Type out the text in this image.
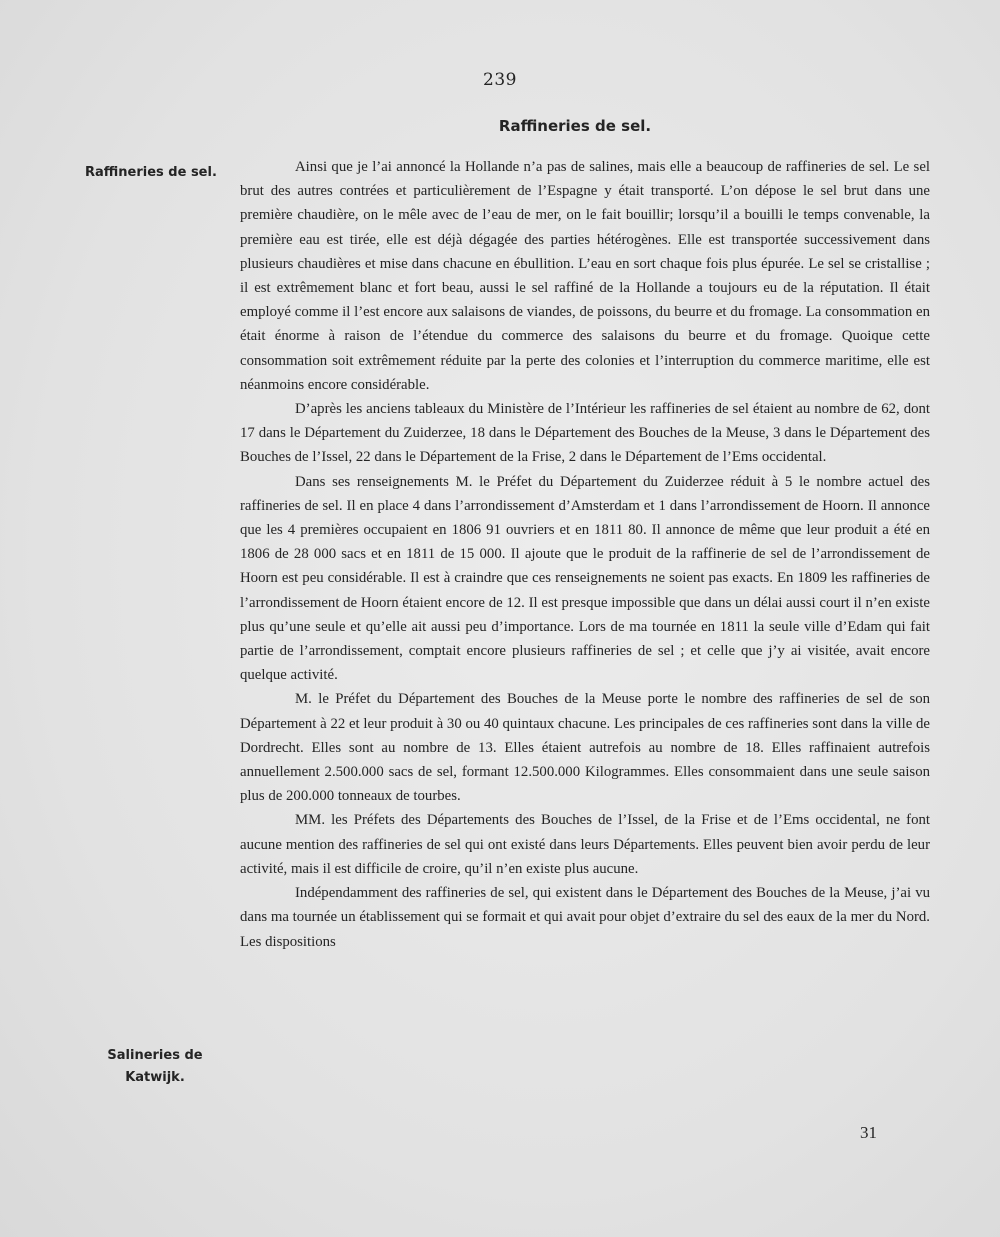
239
Raffineries de sel.
Raffineries de sel.
Salineries de Katwijk.

Ainsi que je l’ai annoncé la Hollande n’a pas de salines, mais elle a beaucoup de raffineries de sel. Le sel brut des autres contrées et particulièrement de l’Espagne y était transporté. L’on dépose le sel brut dans une première chaudière, on le mêle avec de l’eau de mer, on le fait bouillir; lorsqu’il a bouilli le temps convenable, la première eau est tirée, elle est déjà dégagée des parties hétérogènes. Elle est transportée successivement dans plusieurs chaudières et mise dans chacune en ébullition. L’eau en sort chaque fois plus épurée. Le sel se cristallise ; il est extrêmement blanc et fort beau, aussi le sel raffiné de la Hollande a toujours eu de la réputation. Il était employé comme il l’est encore aux salaisons de viandes, de poissons, du beurre et du fromage. La consommation en était énorme à raison de l’étendue du commerce des salaisons du beurre et du fromage. Quoique cette consommation soit extrêmement réduite par la perte des colonies et l’interruption du commerce maritime, elle est néanmoins encore considérable.

D’après les anciens tableaux du Ministère de l’Intérieur les raffineries de sel étaient au nombre de 62, dont 17 dans le Département du Zuiderzee, 18 dans le Département des Bouches de la Meuse, 3 dans le Département des Bouches de l’Issel, 22 dans le Département de la Frise, 2 dans le Département de l’Ems occidental.

Dans ses renseignements M. le Préfet du Département du Zuiderzee réduit à 5 le nombre actuel des raffineries de sel. Il en place 4 dans l’arrondissement d’Amsterdam et 1 dans l’arrondissement de Hoorn. Il annonce que les 4 premières occupaient en 1806 91 ouvriers et en 1811 80. Il annonce de même que leur produit a été en 1806 de 28 000 sacs et en 1811 de 15 000. Il ajoute que le produit de la raffinerie de sel de l’arrondissement de Hoorn est peu considérable. Il est à craindre que ces renseignements ne soient pas exacts. En 1809 les raffineries de l’arrondissement de Hoorn étaient encore de 12. Il est presque impossible que dans un délai aussi court il n’en existe plus qu’une seule et qu’elle ait aussi peu d’importance. Lors de ma tournée en 1811 la seule ville d’Edam qui fait partie de l’arrondissement, comptait encore plusieurs raffineries de sel ; et celle que j’y ai visitée, avait encore quelque activité.

M. le Préfet du Département des Bouches de la Meuse porte le nombre des raffineries de sel de son Département à 22 et leur produit à 30 ou 40 quintaux chacune. Les principales de ces raffineries sont dans la ville de Dordrecht. Elles sont au nombre de 13. Elles étaient autrefois au nombre de 18. Elles raffinaient autrefois annuellement 2.500.000 sacs de sel, formant 12.500.000 Kilogrammes. Elles consommaient dans une seule saison plus de 200.000 tonneaux de tourbes.

MM. les Préfets des Départements des Bouches de l’Issel, de la Frise et de l’Ems occidental, ne font aucune mention des raffineries de sel qui ont existé dans leurs Départements. Elles peuvent bien avoir perdu de leur activité, mais il est difficile de croire, qu’il n’en existe plus aucune.

Indépendamment des raffineries de sel, qui existent dans le Département des Bouches de la Meuse, j’ai vu dans ma tournée un établissement qui se formait et qui avait pour objet d’extraire du sel des eaux de la mer du Nord. Les dispositions

31
